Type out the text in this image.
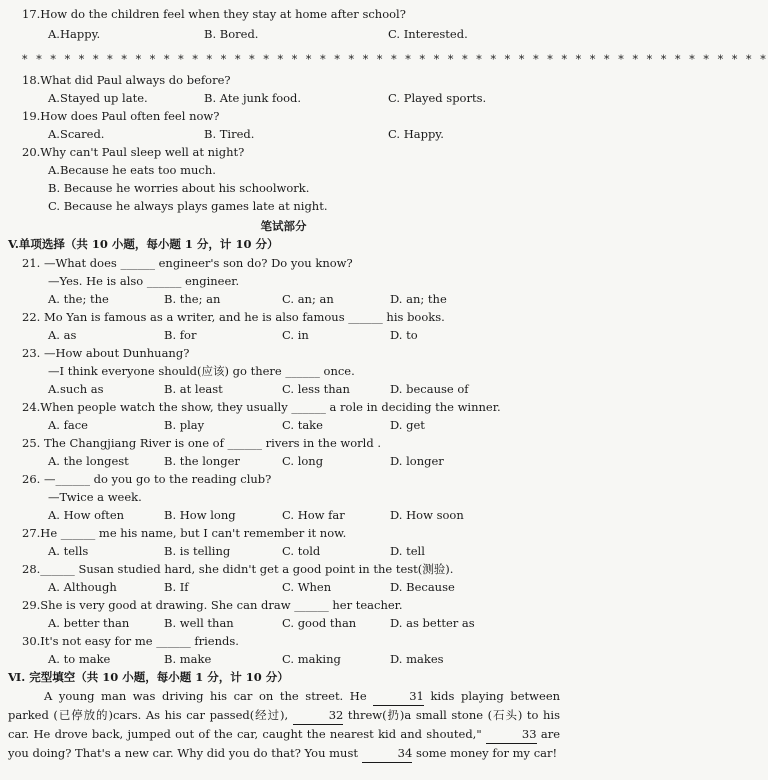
17.How do the children feel when they stay at home after school?
A.Happy.	B. Bored.	C. Interested.
* * * * * * * * * * * * * * * * * * * * * * * * * * * * * * * * * * * * * * * * * * * * * * * * * * * * *
18.What did Paul always do before?
A.Stayed up late.	B. Ate junk food.	C. Played sports.
19.How does Paul often feel now?
A.Scared.	B. Tired.	C. Happy.
20.Why can't Paul sleep well at night?
A.Because he eats too much.
B. Because he worries about his schoolwork.
C. Because he always plays games late at night.
笔试部分
V.单项选择（共 10 小题，每小题 1 分，计 10 分）
21. —What does ______ engineer's son do? Do you know?
—Yes. He is also ______ engineer.
A. the; the	B. the; an	C. an; an	D. an; the
22. Mo Yan is famous as a writer, and he is also famous ______ his books.
A. as	B. for	C. in	D. to
23. —How about Dunhuang?
—I think everyone should(应该) go there ______ once.
A.such as	B. at least	C. less than	D. because of
24.When people watch the show, they usually ______ a role in deciding the winner.
A. face	B. play	C. take	D. get
25. The Changjiang River is one of ______ rivers in the world .
A. the longest	B. the longer	C. long	D. longer
26. —______ do you go to the reading club?
—Twice a week.
A. How often	B. How long	C. How far	D. How soon
27.He ______ me his name, but I can't remember it now.
A. tells	B. is telling	C. told	D. tell
28.______ Susan studied hard, she didn't get a good point in the test(测验).
A. Although	B. If	C. When	D. Because
29.She is very good at drawing. She can draw ______ her teacher.
A. better than	B. well than	C. good than	D. as better as
30.It's not easy for me ______ friends.
A. to make	B. make	C. making	D. makes
Ⅵ. 完型填空（共 10 小题，每小题 1 分，计 10 分）
A young man was driving his car on the street. He	31 kids playing between parked (已停放的)cars. As his car passed(经过),	32 threw(扔)a small stone (石头) to his car. He drove back, jumped out of the car, caught the nearest kid and shouted,"	33 are you doing? That's a new car. Why did you do that? You must	34 some money for my car!
